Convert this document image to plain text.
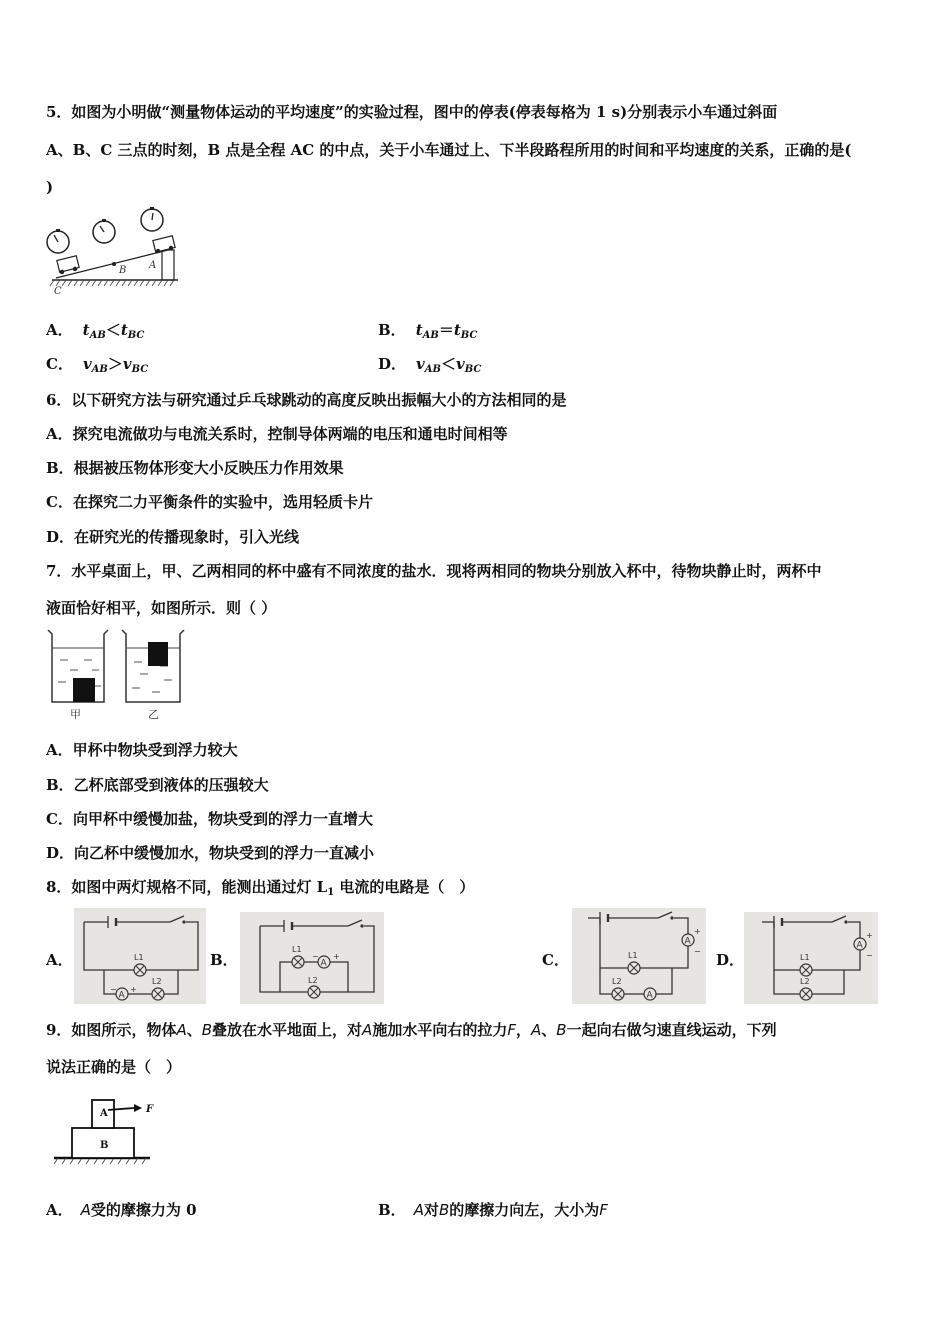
5．如图为小明做“测量物体运动的平均速度”的实验过程，图中的停表(停表每格为 1 s)分别表示小车通过斜面
A、B、C 三点的时刻，B 点是全程 AC 的中点，关于小车通过上、下半段路程所用的时间和平均速度的关系，正确的是(
)
B A
C
A． $t_{AB}<t_{BC}$	B． $t_{AB}=t_{BC}$
C． $v_{AB}>v_{BC}$	D． $v_{AB}<v_{BC}$
6．以下研究方法与研究通过乒乓球跳动的高度反映出振幅大小的方法相同的是
A．探究电流做功与电流关系时，控制导体两端的电压和通电时间相等
B．根据被压物体形变大小反映压力作用效果
C．在探究二力平衡条件的实验中，选用轻质卡片
D．在研究光的传播现象时，引入光线
7．水平桌面上，甲、乙两相同的杯中盛有不同浓度的盐水．现将两相同的物块分别放入杯中，待物块静止时，两杯中
液面恰好相平，如图所示．则（ ）
甲	乙
A．甲杯中物块受到浮力较大
B．乙杯底部受到液体的压强较大
C．向甲杯中缓慢加盐，物块受到的浮力一直增大
D．向乙杯中缓慢加水，物块受到的浮力一直减小
8．如图中两灯规格不同，能测出通过灯 $L_1$ 电流的电路是（　）
A．	B．	C．	D．
A
L1
L2
+
−
A
L1
L2
− +
A
A
L1
L2
+
−
A
L1
L2
+
−
9．如图所示，物体A、B叠放在水平地面上，对A施加水平向右的拉力F，A、B一起向右做匀速直线运动，下列
说法正确的是（　）
A
B
F
A． A受的摩擦力为 0	B． A对B的摩擦力向左，大小为F
